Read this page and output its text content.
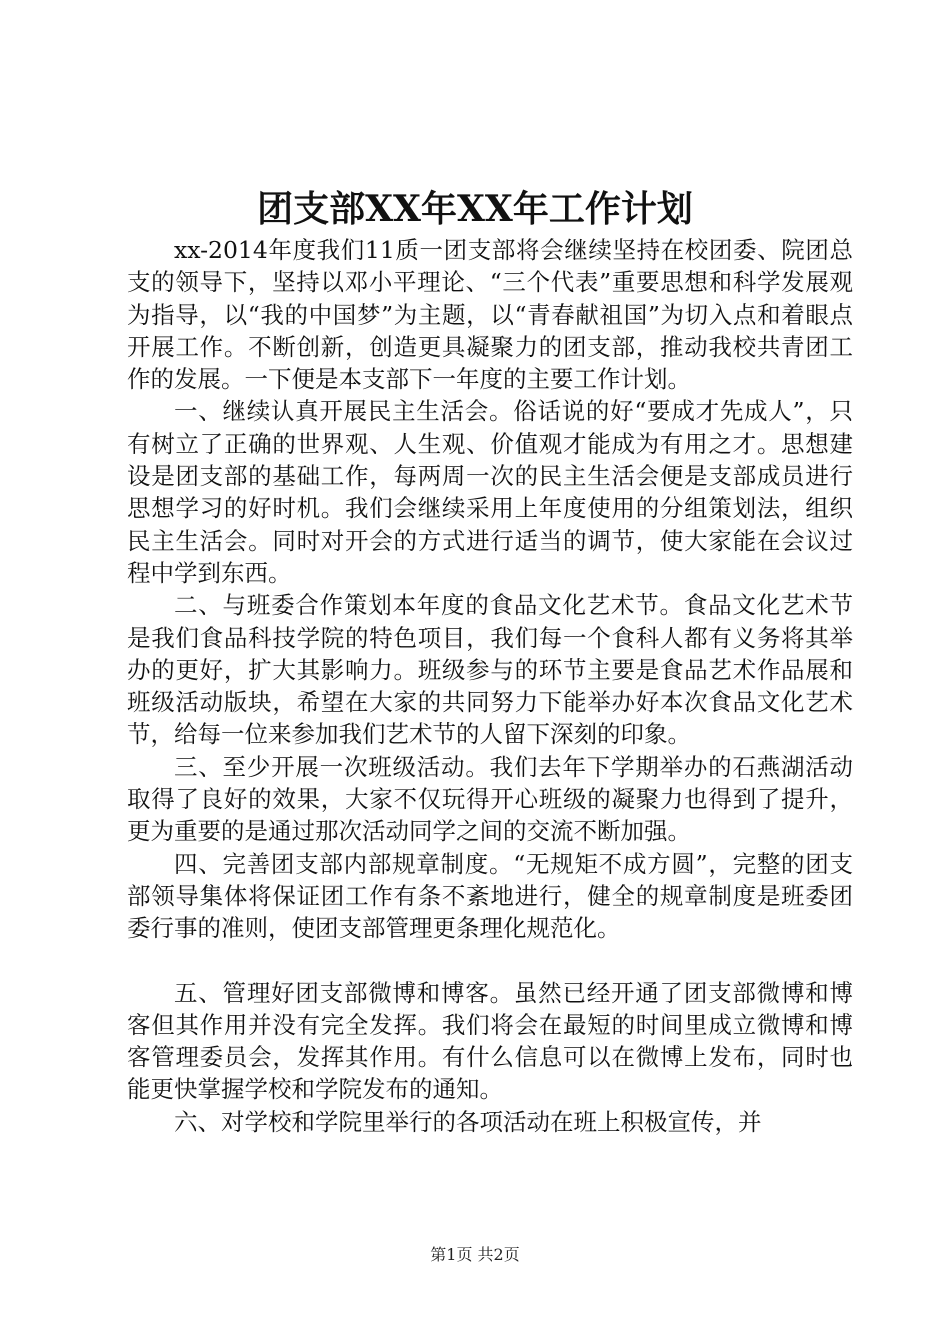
团支部XX年XX年工作计划

xx-2014年度我们11质一团支部将会继续坚持在校团委、院团总支的领导下，坚持以邓小平理论、“三个代表”重要思想和科学发展观为指导，以“我的中国梦”为主题，以“青春献祖国”为切入点和着眼点开展工作。不断创新，创造更具凝聚力的团支部，推动我校共青团工作的发展。一下便是本支部下一年度的主要工作计划。

一、继续认真开展民主生活会。俗话说的好“要成才先成人”，只有树立了正确的世界观、人生观、价值观才能成为有用之才。思想建设是团支部的基础工作，每两周一次的民主生活会便是支部成员进行思想学习的好时机。我们会继续采用上年度使用的分组策划法，组织民主生活会。同时对开会的方式进行适当的调节，使大家能在会议过程中学到东西。

二、与班委合作策划本年度的食品文化艺术节。食品文化艺术节是我们食品科技学院的特色项目，我们每一个食科人都有义务将其举办的更好，扩大其影响力。班级参与的环节主要是食品艺术作品展和班级活动版块，希望在大家的共同努力下能举办好本次食品文化艺术节，给每一位来参加我们艺术节的人留下深刻的印象。

三、至少开展一次班级活动。我们去年下学期举办的石燕湖活动取得了良好的效果，大家不仅玩得开心班级的凝聚力也得到了提升，更为重要的是通过那次活动同学之间的交流不断加强。

四、完善团支部内部规章制度。“无规矩不成方圆”，完整的团支部领导集体将保证团工作有条不紊地进行，健全的规章制度是班委团委行事的准则，使团支部管理更条理化规范化。

五、管理好团支部微博和博客。虽然已经开通了团支部微博和博客但其作用并没有完全发挥。我们将会在最短的时间里成立微博和博客管理委员会，发挥其作用。有什么信息可以在微博上发布，同时也能更快掌握学校和学院发布的通知。

六、对学校和学院里举行的各项活动在班上积极宣传，并

第1页 共2页
